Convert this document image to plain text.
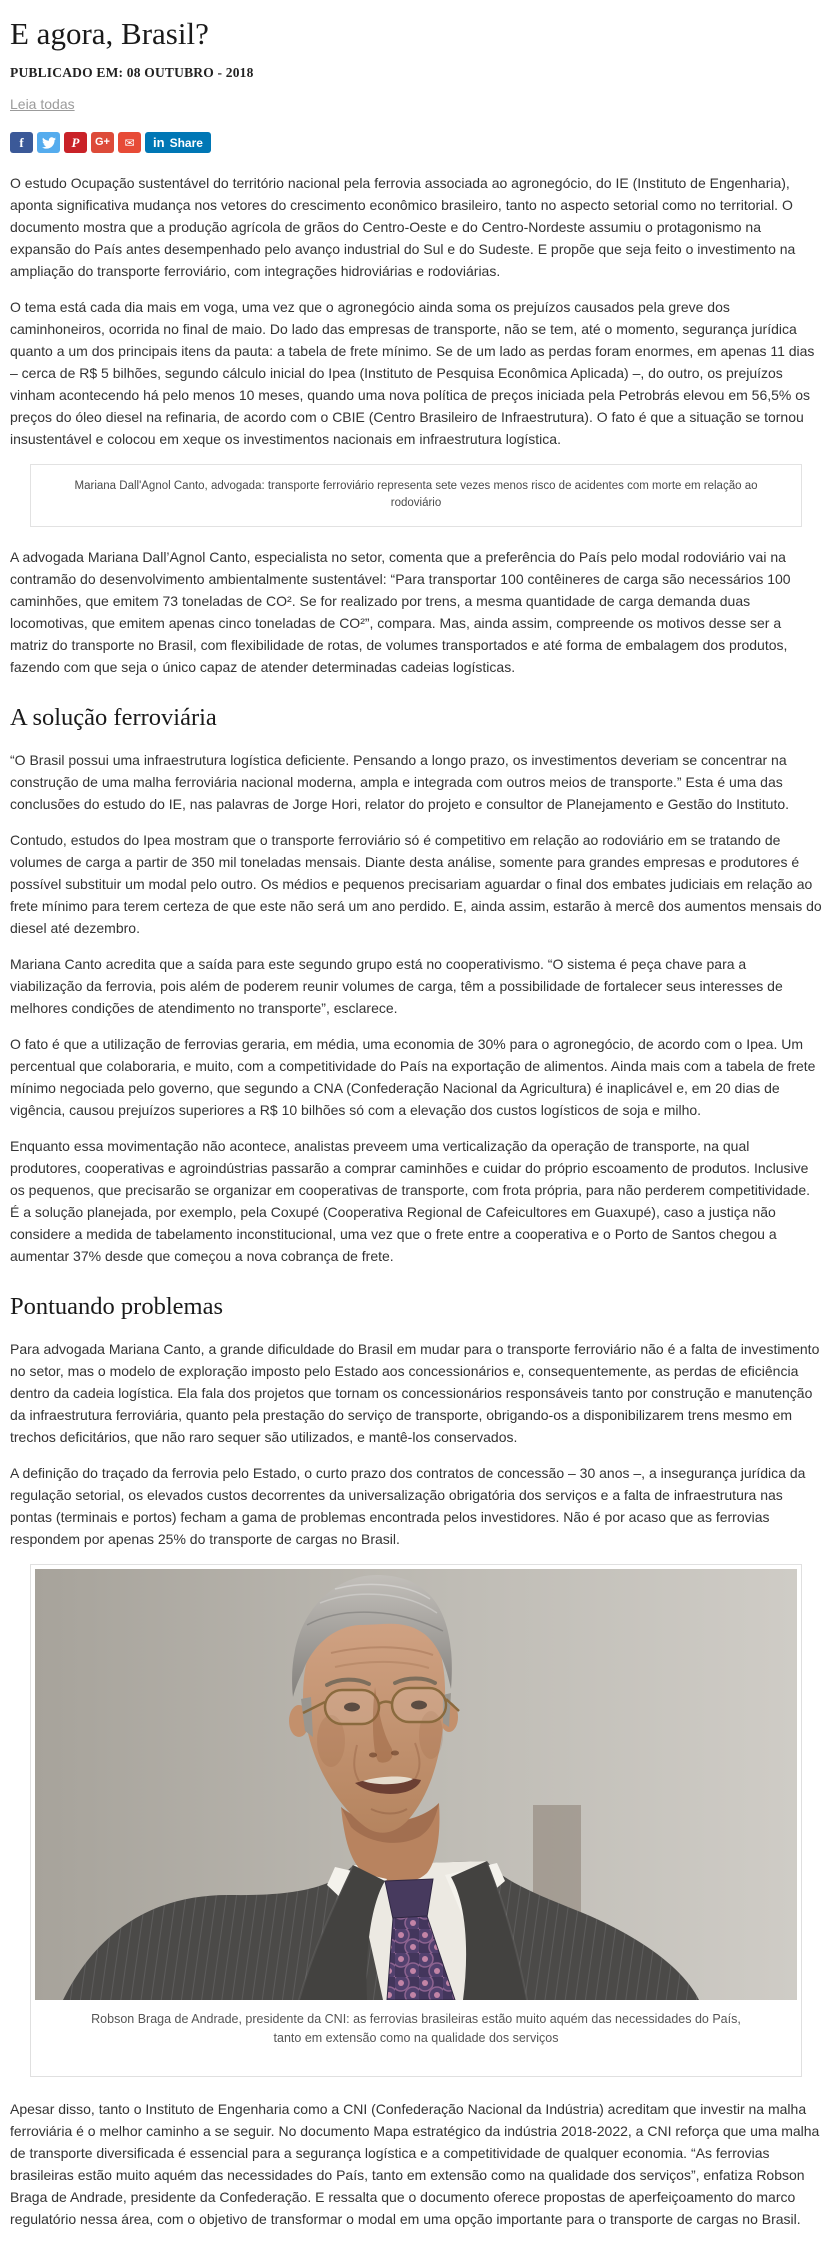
E agora, Brasil?
PUBLICADO EM: 08 OUTUBRO - 2018
Leia todas
f	P G+ ✉ in Share

O estudo Ocupação sustentável do território nacional pela ferrovia associada ao agronegócio, do IE (Instituto de Engenharia), aponta significativa mudança nos vetores do crescimento econômico brasileiro, tanto no aspecto setorial como no territorial. O documento mostra que a produção agrícola de grãos do Centro-Oeste e do Centro-Nordeste assumiu o protagonismo na expansão do País antes desempenhado pelo avanço industrial do Sul e do Sudeste. E propõe que seja feito o investimento na ampliação do transporte ferroviário, com integrações hidroviárias e rodoviárias.

O tema está cada dia mais em voga, uma vez que o agronegócio ainda soma os prejuízos causados pela greve dos caminhoneiros, ocorrida no final de maio. Do lado das empresas de transporte, não se tem, até o momento, segurança jurídica quanto a um dos principais itens da pauta: a tabela de frete mínimo. Se de um lado as perdas foram enormes, em apenas 11 dias – cerca de R$ 5 bilhões, segundo cálculo inicial do Ipea (Instituto de Pesquisa Econômica Aplicada) –, do outro, os prejuízos vinham acontecendo há pelo menos 10 meses, quando uma nova política de preços iniciada pela Petrobrás elevou em 56,5% os preços do óleo diesel na refinaria, de acordo com o CBIE (Centro Brasileiro de Infraestrutura). O fato é que a situação se tornou insustentável e colocou em xeque os investimentos nacionais em infraestrutura logística.

Mariana Dall'Agnol Canto, advogada: transporte ferroviário representa sete vezes menos risco de acidentes com morte em relação ao rodoviário

A advogada Mariana Dall’Agnol Canto, especialista no setor, comenta que a preferência do País pelo modal rodoviário vai na contramão do desenvolvimento ambientalmente sustentável: “Para transportar 100 contêineres de carga são necessários 100 caminhões, que emitem 73 toneladas de CO². Se for realizado por trens, a mesma quantidade de carga demanda duas locomotivas, que emitem apenas cinco toneladas de CO²”, compara. Mas, ainda assim, compreende os motivos desse ser a matriz do transporte no Brasil, com flexibilidade de rotas, de volumes transportados e até forma de embalagem dos produtos, fazendo com que seja o único capaz de atender determinadas cadeias logísticas.

A solução ferroviária

“O Brasil possui uma infraestrutura logística deficiente. Pensando a longo prazo, os investimentos deveriam se concentrar na construção de uma malha ferroviária nacional moderna, ampla e integrada com outros meios de transporte.” Esta é uma das conclusões do estudo do IE, nas palavras de Jorge Hori, relator do projeto e consultor de Planejamento e Gestão do Instituto.

Contudo, estudos do Ipea mostram que o transporte ferroviário só é competitivo em relação ao rodoviário em se tratando de volumes de carga a partir de 350 mil toneladas mensais. Diante desta análise, somente para grandes empresas e produtores é possível substituir um modal pelo outro. Os médios e pequenos precisariam aguardar o final dos embates judiciais em relação ao frete mínimo para terem certeza de que este não será um ano perdido. E, ainda assim, estarão à mercê dos aumentos mensais do diesel até dezembro.

Mariana Canto acredita que a saída para este segundo grupo está no cooperativismo. “O sistema é peça chave para a viabilização da ferrovia, pois além de poderem reunir volumes de carga, têm a possibilidade de fortalecer seus interesses de melhores condições de atendimento no transporte”, esclarece.

O fato é que a utilização de ferrovias geraria, em média, uma economia de 30% para o agronegócio, de acordo com o Ipea. Um percentual que colaboraria, e muito, com a competitividade do País na exportação de alimentos. Ainda mais com a tabela de frete mínimo negociada pelo governo, que segundo a CNA (Confederação Nacional da Agricultura) é inaplicável e, em 20 dias de vigência, causou prejuízos superiores a R$ 10 bilhões só com a elevação dos custos logísticos de soja e milho.

Enquanto essa movimentação não acontece, analistas preveem uma verticalização da operação de transporte, na qual produtores, cooperativas e agroindústrias passarão a comprar caminhões e cuidar do próprio escoamento de produtos. Inclusive os pequenos, que precisarão se organizar em cooperativas de transporte, com frota própria, para não perderem competitividade. É a solução planejada, por exemplo, pela Coxupé (Cooperativa Regional de Cafeicultores em Guaxupé), caso a justiça não considere a medida de tabelamento inconstitucional, uma vez que o frete entre a cooperativa e o Porto de Santos chegou a aumentar 37% desde que começou a nova cobrança de frete.

Pontuando problemas

Para advogada Mariana Canto, a grande dificuldade do Brasil em mudar para o transporte ferroviário não é a falta de investimento no setor, mas o modelo de exploração imposto pelo Estado aos concessionários e, consequentemente, as perdas de eficiência dentro da cadeia logística. Ela fala dos projetos que tornam os concessionários responsáveis tanto por construção e manutenção da infraestrutura ferroviária, quanto pela prestação do serviço de transporte, obrigando-os a disponibilizarem trens mesmo em trechos deficitários, que não raro sequer são utilizados, e mantê-los conservados.

A definição do traçado da ferrovia pelo Estado, o curto prazo dos contratos de concessão – 30 anos –, a insegurança jurídica da regulação setorial, os elevados custos decorrentes da universalização obrigatória dos serviços e a falta de infraestrutura nas pontas (terminais e portos) fecham a gama de problemas encontrada pelos investidores. Não é por acaso que as ferrovias respondem por apenas 25% do transporte de cargas no Brasil.

Robson Braga de Andrade, presidente da CNI: as ferrovias brasileiras estão muito aquém das necessidades do País, tanto em extensão como na qualidade dos serviços

Apesar disso, tanto o Instituto de Engenharia como a CNI (Confederação Nacional da Indústria) acreditam que investir na malha ferroviária é o melhor caminho a se seguir. No documento Mapa estratégico da indústria 2018-2022, a CNI reforça que uma malha de transporte diversificada é essencial para a segurança logística e a competitividade de qualquer economia. “As ferrovias brasileiras estão muito aquém das necessidades do País, tanto em extensão como na qualidade dos serviços”, enfatiza Robson Braga de Andrade, presidente da Confederação. E ressalta que o documento oferece propostas de aperfeiçoamento do marco regulatório nessa área, com o objetivo de transformar o modal em uma opção importante para o transporte de cargas no Brasil.
